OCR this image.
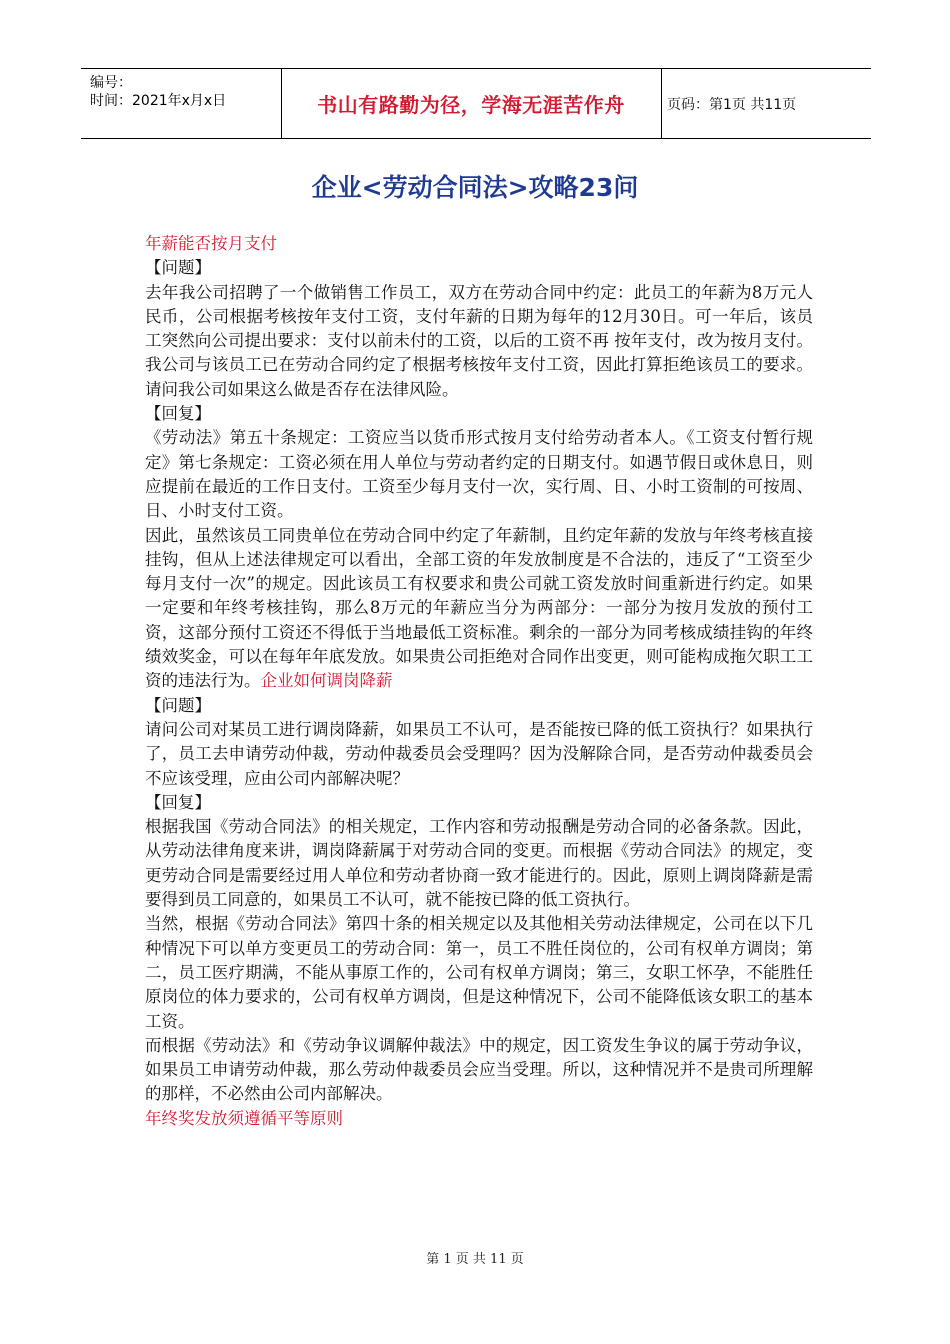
编号：
时间：2021年x月x日	书山有路勤为径，学海无涯苦作舟	页码：第1页 共11页
企业<劳动合同法>攻略23问

年薪能否按月支付

【问题】

去年我公司招聘了一个做销售工作员工，双方在劳动合同中约定：此员工的年薪为8万元人民币，公司根据考核按年支付工资，支付年薪的日期为每年的12月30日。可一年后，该员工突然向公司提出要求：支付以前未付的工资，以后的工资不再 按年支付，改为按月支付。我公司与该员工已在劳动合同约定了根据考核按年支付工资，因此打算拒绝该员工的要求。请问我公司如果这么做是否存在法律风险。

【回复】

《劳动法》第五十条规定：工资应当以货币形式按月支付给劳动者本人。《工资支付暂行规定》第七条规定：工资必须在用人单位与劳动者约定的日期支付。如遇节假日或休息日，则应提前在最近的工作日支付。工资至少每月支付一次，实行周、日、小时工资制的可按周、日、小时支付工资。

因此，虽然该员工同贵单位在劳动合同中约定了年薪制，且约定年薪的发放与年终考核直接挂钩，但从上述法律规定可以看出，全部工资的年发放制度是不合法的，违反了“工资至少每月支付一次”的规定。因此该员工有权要求和贵公司就工资发放时间重新进行约定。如果一定要和年终考核挂钩，那么8万元的年薪应当分为两部分：一部分为按月发放的预付工资，这部分预付工资还不得低于当地最低工资标准。剩余的一部分为同考核成绩挂钩的年终绩效奖金，可以在每年年底发放。如果贵公司拒绝对合同作出变更，则可能构成拖欠职工工资的违法行为。企业如何调岗降薪

【问题】

请问公司对某员工进行调岗降薪，如果员工不认可，是否能按已降的低工资执行？如果执行了，员工去申请劳动仲裁，劳动仲裁委员会受理吗？因为没解除合同，是否劳动仲裁委员会不应该受理，应由公司内部解决呢？

【回复】

根据我国《劳动合同法》的相关规定，工作内容和劳动报酬是劳动合同的必备条款。因此，从劳动法律角度来讲，调岗降薪属于对劳动合同的变更。而根据《劳动合同法》的规定，变更劳动合同是需要经过用人单位和劳动者协商一致才能进行的。因此，原则上调岗降薪是需要得到员工同意的，如果员工不认可，就不能按已降的低工资执行。

当然，根据《劳动合同法》第四十条的相关规定以及其他相关劳动法律规定，公司在以下几种情况下可以单方变更员工的劳动合同：第一，员工不胜任岗位的，公司有权单方调岗；第二，员工医疗期满，不能从事原工作的，公司有权单方调岗；第三，女职工怀孕，不能胜任原岗位的体力要求的，公司有权单方调岗，但是这种情况下，公司不能降低该女职工的基本工资。

而根据《劳动法》和《劳动争议调解仲裁法》中的规定，因工资发生争议的属于劳动争议，如果员工申请劳动仲裁，那么劳动仲裁委员会应当受理。所以，这种情况并不是贵司所理解的那样，不必然由公司内部解决。

年终奖发放须遵循平等原则

第 1 页 共 11 页
